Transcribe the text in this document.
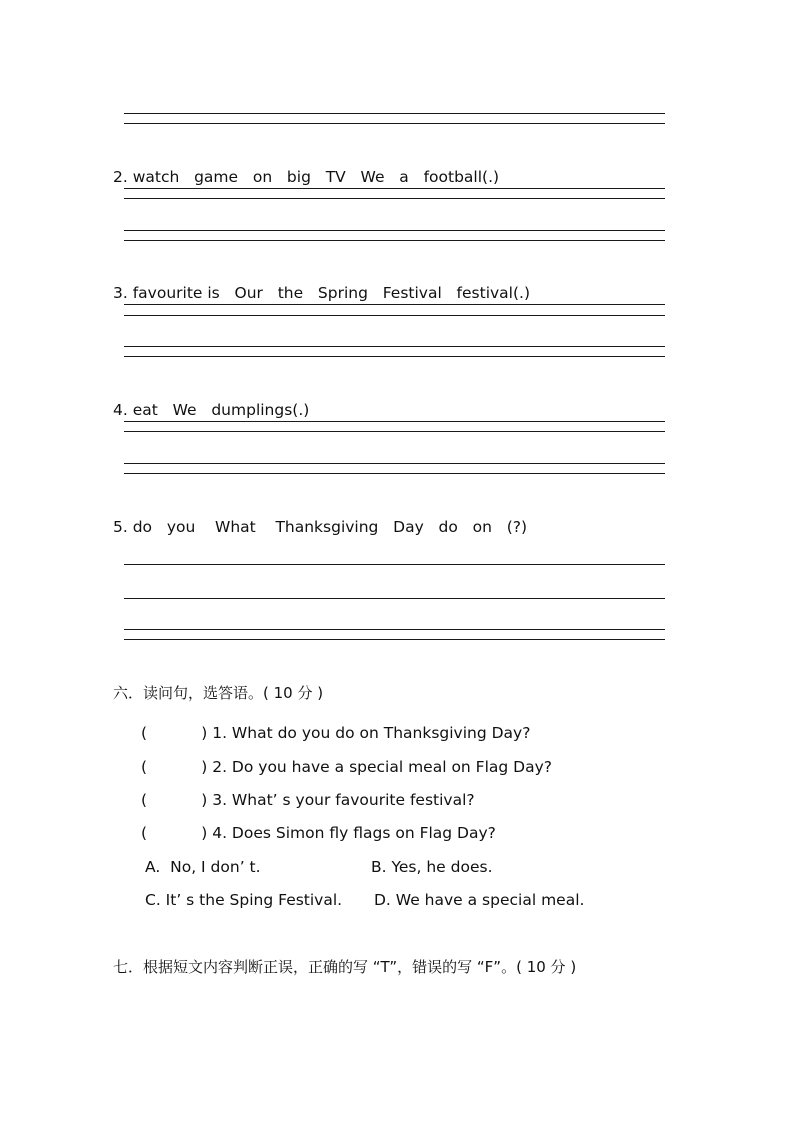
2. watch   game   on   big   TV   We   a   football(.)
3. favourite is   Our   the   Spring   Festival   festival(.)
4. eat   We   dumplings(.)
5. do   you    What    Thanksgiving   Day   do   on   (?)
六．读问句，选答语。( 10 分 )
(           ) 1. What do you do on Thanksgiving Day?
(           ) 2. Do you have a special meal on Flag Day?
(           ) 3. What’ s your favourite festival?
(           ) 4. Does Simon fly flags on Flag Day?
A.  No, I don’ t.	B. Yes, he does.
C. It’ s the Sping Festival. D. We have a special meal.
七．根据短文内容判断正误，正确的写 “T”，错误的写 “F”。( 10 分 )
